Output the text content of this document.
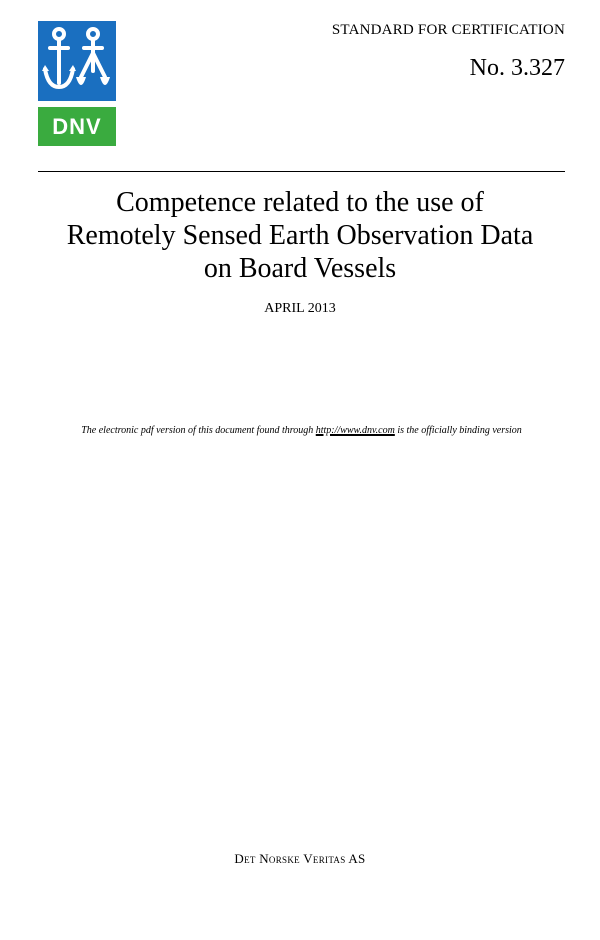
DNV
STANDARD FOR CERTIFICATION
No. 3.327
Competence related to the use of
Remotely Sensed Earth Observation Data
on Board Vessels
APRIL 2013
The electronic pdf version of this document found through http://www.dnv.com is the officially binding version
Det Norske Veritas AS
